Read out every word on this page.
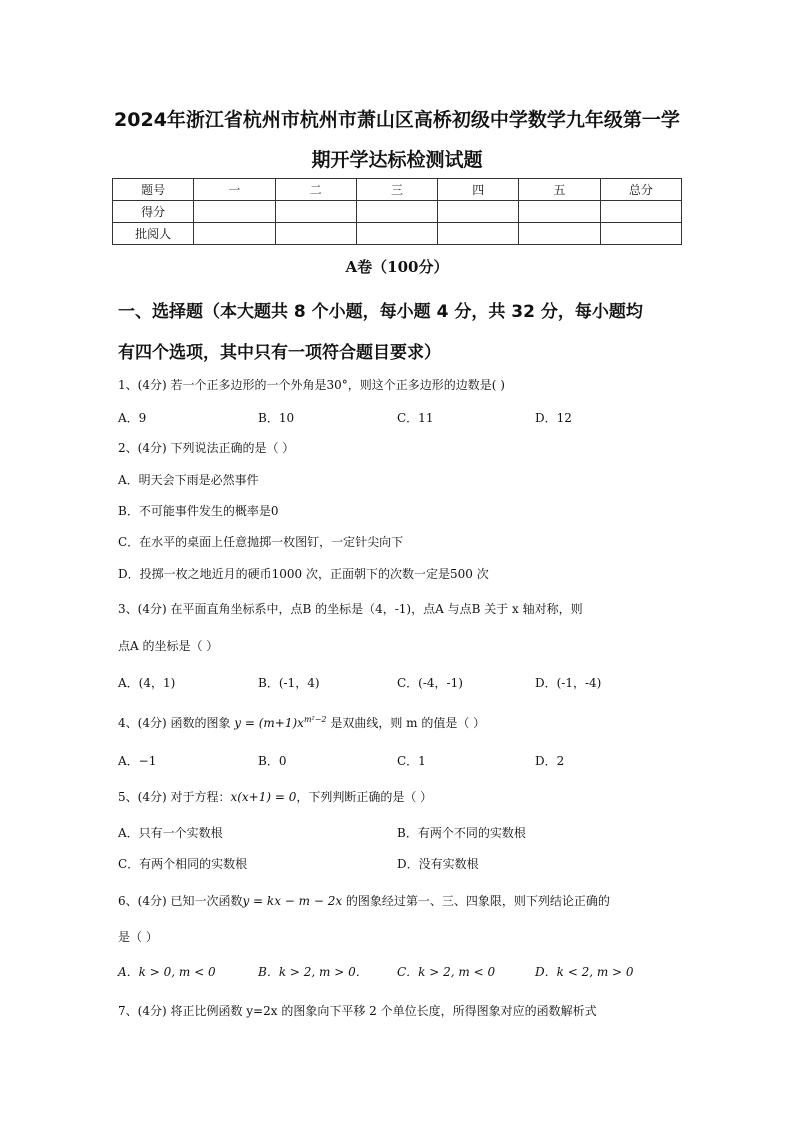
2024年浙江省杭州市杭州市萧山区高桥初级中学数学九年级第一学
期开学达标检测试题
题号	一	二	三	四	五	总分
得分						
批阅人						
A卷（100分）
一、选择题（本大题共 8 个小题，每小题 4 分，共 32 分，每小题均
有四个选项，其中只有一项符合题目要求）
1、(4分) 若一个正多边形的一个外角是30°，则这个正多边形的边数是( )
A．9	B．10	C．11	D．12
2、(4分) 下列说法正确的是（ ）
A．明天会下雨是必然事件
B．不可能事件发生的概率是0
C．在水平的桌面上任意抛掷一枚图钉，一定针尖向下
D．投掷一枚之地近月的硬币1000 次，正面朝下的次数一定是500 次
3、(4分) 在平面直角坐标系中，点B 的坐标是（4，-1)，点A 与点B 关于 x 轴对称，则
点A 的坐标是（ ）
A．(4，1)	B．(-1，4)	C．(-4，-1)	D．(-1，-4)
4、(4分) 函数的图象 $y = (m+1)x^{m^2-2}$ 是双曲线，则 m 的值是（ ）
A．−1	B．0	C．1	D．2
5、(4分) 对于方程：x(x+1) = 0，下列判断正确的是（ ）
A．只有一个实数根	B．有两个不同的实数根
C．有两个相同的实数根	D．没有实数根
6、(4分) 已知一次函数y = kx − m − 2x 的图象经过第一、三、四象限，则下列结论正确的
是（ ）
A．k > 0, m < 0	B．k > 2, m > 0． C．k > 2, m < 0	D．k < 2, m > 0
7、(4分) 将正比例函数 y=2x 的图象向下平移 2 个单位长度，所得图象对应的函数解析式
